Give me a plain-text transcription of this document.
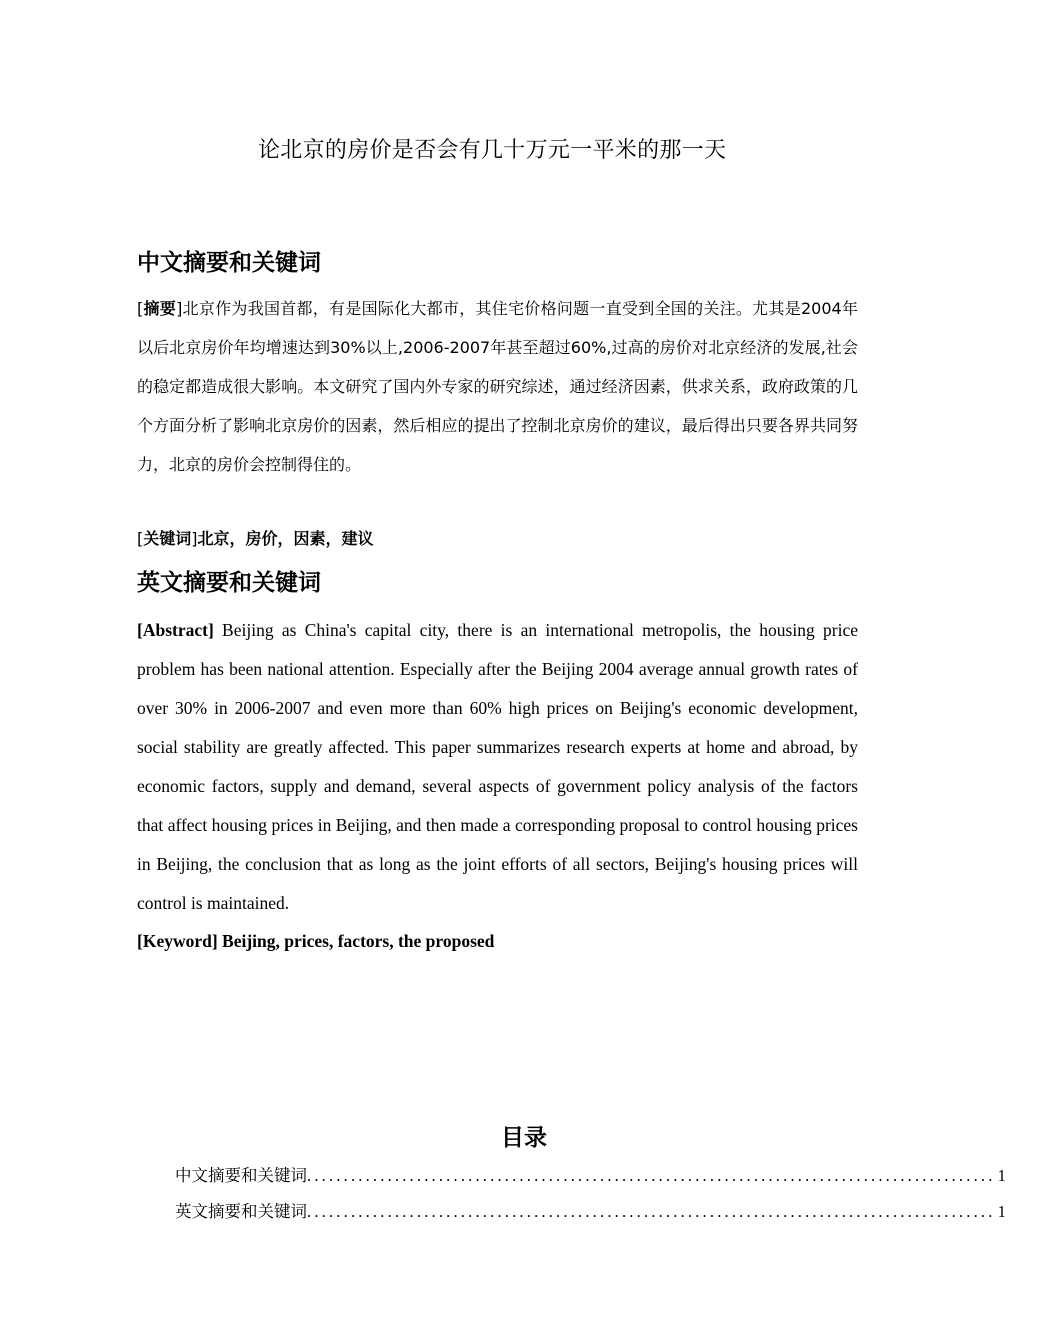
论北京的房价是否会有几十万元一平米的那一天
中文摘要和关键词
[摘要]北京作为我国首都，有是国际化大都市，其住宅价格问题一直受到全国的关注。尤其是2004年以后北京房价年均增速达到30%以上,2006-2007年甚至超过60%,过高的房价对北京经济的发展,社会的稳定都造成很大影响。本文研究了国内外专家的研究综述，通过经济因素，供求关系，政府政策的几个方面分析了影响北京房价的因素，然后相应的提出了控制北京房价的建议，最后得出只要各界共同努力，北京的房价会控制得住的。
[关键词]北京，房价，因素，建议
英文摘要和关键词
[Abstract] Beijing as China's capital city, there is an international metropolis, the housing price problem has been national attention. Especially after the Beijing 2004 average annual growth rates of over 30% in 2006-2007 and even more than 60% high prices on Beijing's economic development, social stability are greatly affected. This paper summarizes research experts at home and abroad, by economic factors, supply and demand, several aspects of government policy analysis of the factors that affect housing prices in Beijing, and then made a corresponding proposal to control housing prices in Beijing, the conclusion that as long as the joint efforts of all sectors, Beijing's housing prices will control is maintained.
[Keyword] Beijing, prices, factors, the proposed
目录
中文摘要和关键词 .............................................................................................. 1
英文摘要和关键词 .............................................................................................. 1
